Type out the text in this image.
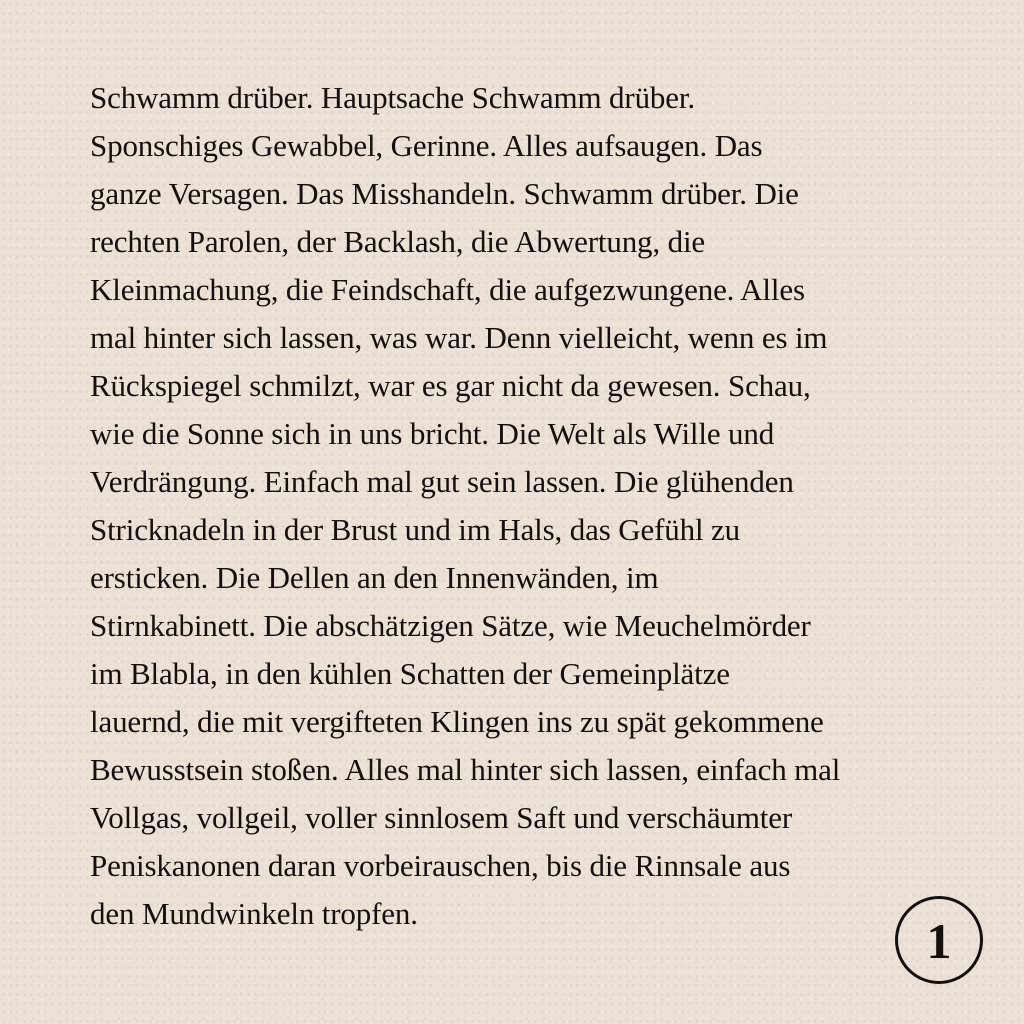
Schwamm drüber. Hauptsache Schwamm drüber.
Sponschiges Gewabbel, Gerinne. Alles aufsaugen. Das
ganze Versagen. Das Misshandeln. Schwamm drüber. Die
rechten Parolen, der Backlash, die Abwertung, die
Kleinmachung, die Feindschaft, die aufgezwungene. Alles
mal hinter sich lassen, was war. Denn vielleicht, wenn es im
Rückspiegel schmilzt, war es gar nicht da gewesen. Schau,
wie die Sonne sich in uns bricht. Die Welt als Wille und
Verdrängung. Einfach mal gut sein lassen. Die glühenden
Stricknadeln in der Brust und im Hals, das Gefühl zu
ersticken. Die Dellen an den Innenwänden, im
Stirnkabinett. Die abschätzigen Sätze, wie Meuchelmörder
im Blabla, in den kühlen Schatten der Gemeinplätze
lauernd, die mit vergifteten Klingen ins zu spät gekommene
Bewusstsein stoßen. Alles mal hinter sich lassen, einfach mal
Vollgas, vollgeil, voller sinnlosem Saft und verschäumter
Peniskanonen daran vorbeirauschen, bis die Rinnsale aus
den Mundwinkeln tropfen.	1
